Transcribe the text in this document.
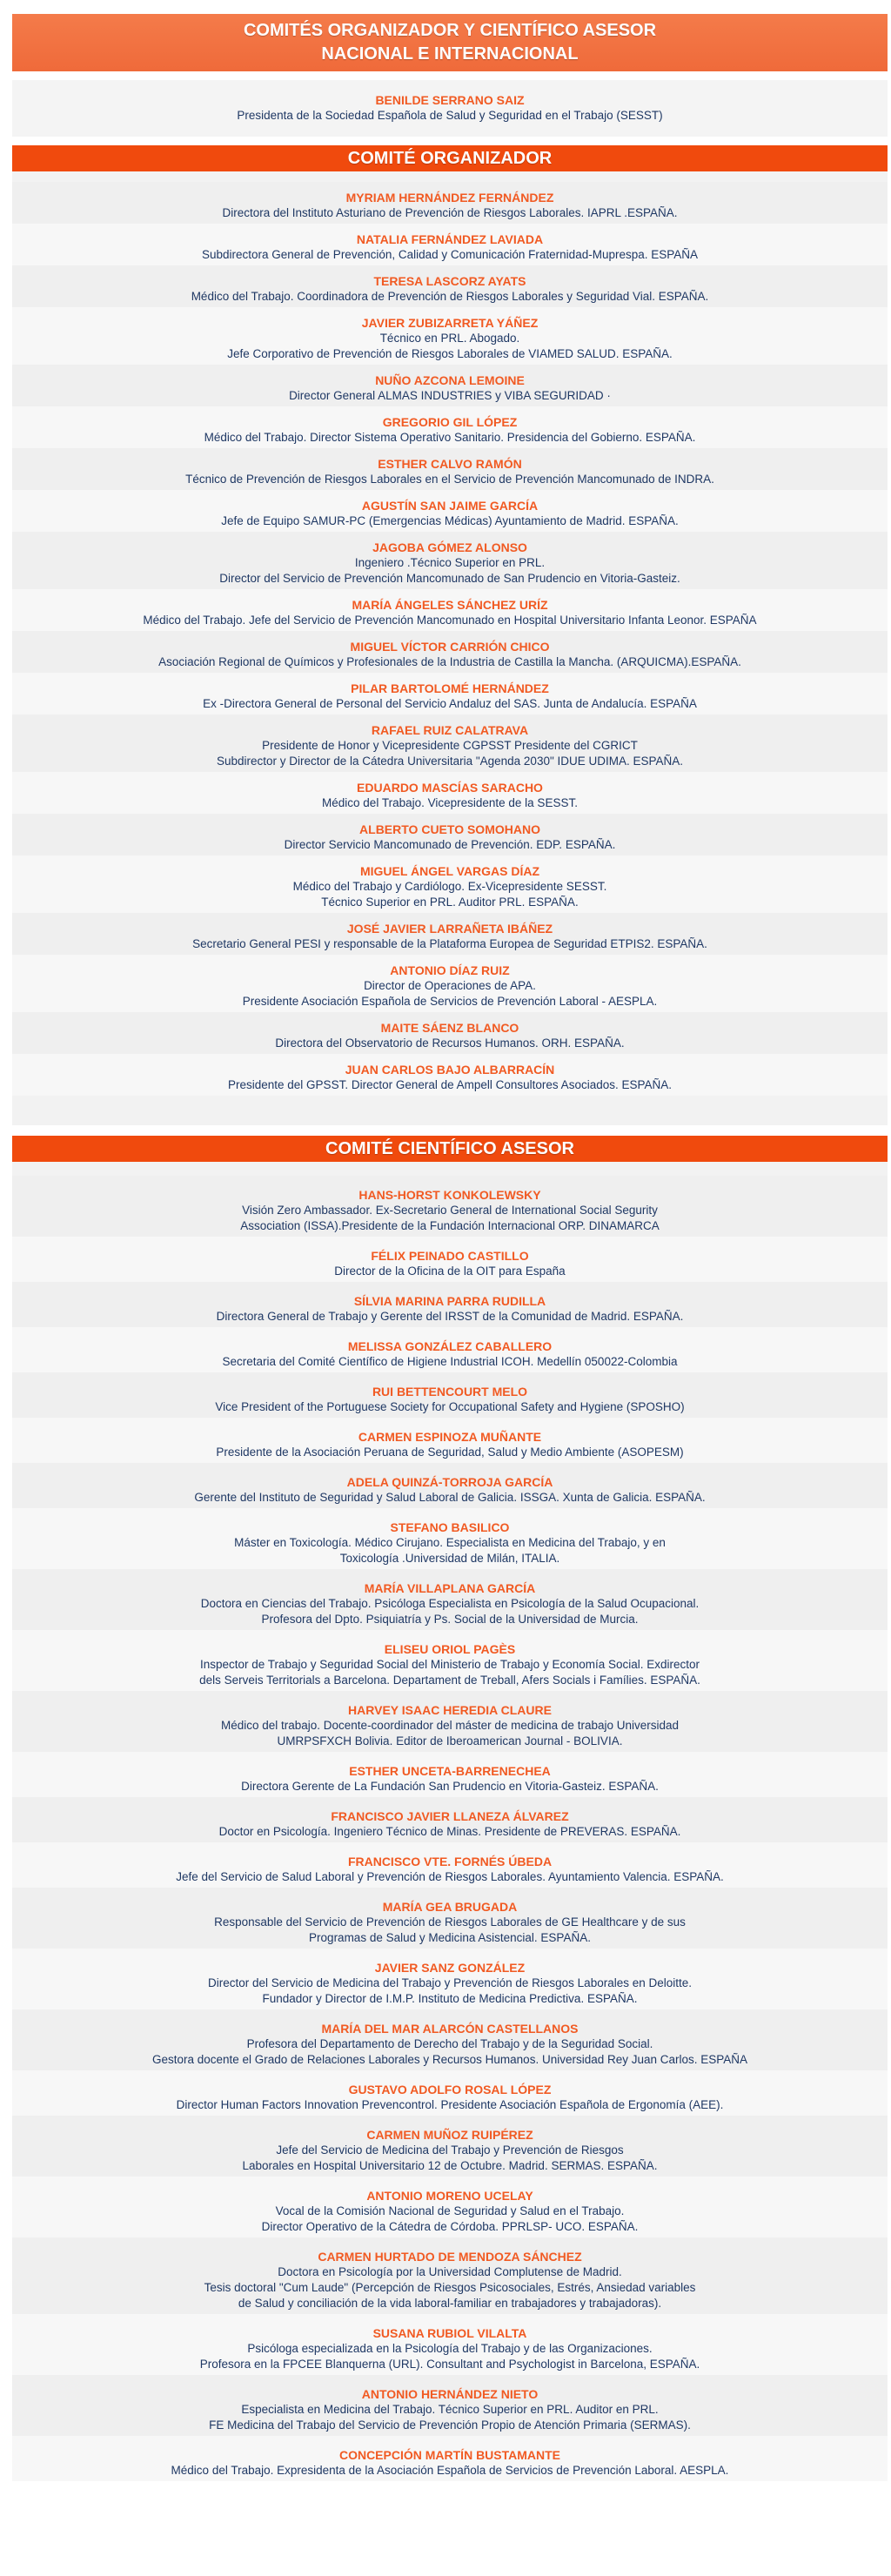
COMITÉS ORGANIZADOR Y CIENTÍFICO ASESOR
NACIONAL E INTERNACIONAL
BENILDE SERRANO SAIZ
Presidenta de la Sociedad Española de Salud y Seguridad en el Trabajo (SESST)
COMITÉ ORGANIZADOR
MYRIAM HERNÁNDEZ FERNÁNDEZ
Directora del Instituto Asturiano de Prevención de Riesgos Laborales. IAPRL .ESPAÑA.
NATALIA FERNÁNDEZ LAVIADA
Subdirectora General de Prevención, Calidad y Comunicación Fraternidad-Muprespa. ESPAÑA
TERESA LASCORZ AYATS
Médico del Trabajo. Coordinadora de Prevención de Riesgos Laborales y Seguridad Vial. ESPAÑA.
JAVIER ZUBIZARRETA YÁÑEZ
Técnico en PRL. Abogado.
Jefe Corporativo de Prevención de Riesgos Laborales de VIAMED SALUD. ESPAÑA.
NUÑO AZCONA LEMOINE
Director General ALMAS INDUSTRIES y VIBA SEGURIDAD ·
GREGORIO GIL LÓPEZ
Médico del Trabajo. Director Sistema Operativo Sanitario. Presidencia del Gobierno. ESPAÑA.
ESTHER CALVO RAMÓN
Técnico de Prevención de Riesgos Laborales en el Servicio de Prevención Mancomunado de INDRA.
AGUSTÍN SAN JAIME GARCÍA
Jefe de Equipo SAMUR-PC (Emergencias Médicas) Ayuntamiento de Madrid. ESPAÑA.
JAGOBA GÓMEZ ALONSO
Ingeniero .Técnico Superior en PRL.
Director del Servicio de Prevención Mancomunado de San Prudencio en Vitoria-Gasteiz.
MARÍA ÁNGELES SÁNCHEZ URÍZ
Médico del Trabajo. Jefe del Servicio de Prevención Mancomunado en Hospital Universitario Infanta Leonor. ESPAÑA
MIGUEL VÍCTOR CARRIÓN CHICO
Asociación Regional de Químicos y Profesionales de la Industria de Castilla la Mancha. (ARQUICMA).ESPAÑA.
PILAR BARTOLOMÉ HERNÁNDEZ
Ex -Directora General de Personal del Servicio Andaluz del SAS. Junta de Andalucía. ESPAÑA
RAFAEL RUIZ CALATRAVA
Presidente de Honor y Vicepresidente CGPSST Presidente del CGRICT
Subdirector y Director de la Cátedra Universitaria "Agenda 2030" IDUE UDIMA. ESPAÑA.
EDUARDO MASCÍAS SARACHO
Médico del Trabajo. Vicepresidente de la SESST.
ALBERTO CUETO SOMOHANO
Director Servicio Mancomunado de Prevención. EDP. ESPAÑA.
MIGUEL ÁNGEL VARGAS DÍAZ
Médico del Trabajo y Cardiólogo. Ex-Vicepresidente SESST.
Técnico Superior en PRL. Auditor PRL. ESPAÑA.
JOSÉ JAVIER LARRAÑETA IBÁÑEZ
Secretario General PESI y responsable de la Plataforma Europea de Seguridad ETPIS2. ESPAÑA.
ANTONIO DÍAZ RUIZ
Director de Operaciones de APA.
Presidente Asociación Española de Servicios de Prevención Laboral - AESPLA.
MAITE SÁENZ BLANCO
Directora del Observatorio de Recursos Humanos. ORH. ESPAÑA.
JUAN CARLOS BAJO ALBARRACÍN
Presidente del GPSST. Director General de Ampell Consultores Asociados. ESPAÑA.
COMITÉ CIENTÍFICO ASESOR
HANS-HORST KONKOLEWSKY
Visión Zero Ambassador. Ex-Secretario General de International Social Segurity
Association (ISSA).Presidente de la Fundación Internacional ORP. DINAMARCA
FÉLIX PEINADO CASTILLO
Director de la Oficina de la OIT para España
SÍLVIA MARINA PARRA RUDILLA
Directora General de Trabajo y Gerente del IRSST de la Comunidad de Madrid. ESPAÑA.
MELISSA GONZÁLEZ CABALLERO
Secretaria del Comité Científico de Higiene Industrial ICOH. Medellín 050022-Colombia
RUI BETTENCOURT MELO
Vice President of the Portuguese Society for Occupational Safety and Hygiene (SPOSHO)
CARMEN ESPINOZA MUÑANTE
Presidente de la Asociación Peruana de Seguridad, Salud y Medio Ambiente (ASOPESM)
ADELA QUINZÁ-TORROJA GARCÍA
Gerente del Instituto de Seguridad y Salud Laboral de Galicia. ISSGA. Xunta de Galicia. ESPAÑA.
STEFANO BASILICO
Máster en Toxicología. Médico Cirujano. Especialista en Medicina del Trabajo, y en
Toxicología .Universidad de Milán, ITALIA.
MARÍA VILLAPLANA GARCÍA
Doctora en Ciencias del Trabajo. Psicóloga Especialista en Psicología de la Salud Ocupacional.
Profesora del Dpto. Psiquiatría y Ps. Social de la Universidad de Murcia.
ELISEU ORIOL PAGÈS
Inspector de Trabajo y Seguridad Social del Ministerio de Trabajo y Economía Social. Exdirector
dels Serveis Territorials a Barcelona. Departament de Treball, Afers Socials i Famílies. ESPAÑA.
HARVEY ISAAC HEREDIA CLAURE
Médico del trabajo. Docente-coordinador del máster de medicina de trabajo Universidad
UMRPSFXCH Bolivia. Editor de Iberoamerican Journal - BOLIVIA.
ESTHER UNCETA-BARRENECHEA
Directora Gerente de La Fundación San Prudencio en Vitoria-Gasteiz. ESPAÑA.
FRANCISCO JAVIER LLANEZA ÁLVAREZ
Doctor en Psicología. Ingeniero Técnico de Minas. Presidente de PREVERAS. ESPAÑA.
FRANCISCO VTE. FORNÉS ÚBEDA
Jefe del Servicio de Salud Laboral y Prevención de Riesgos Laborales. Ayuntamiento Valencia. ESPAÑA.
MARÍA GEA BRUGADA
Responsable del Servicio de Prevención de Riesgos Laborales de GE Healthcare y de sus
Programas de Salud y Medicina Asistencial. ESPAÑA.
JAVIER SANZ GONZÁLEZ
Director del Servicio de Medicina del Trabajo y Prevención de Riesgos Laborales en Deloitte.
Fundador y Director de I.M.P. Instituto de Medicina Predictiva. ESPAÑA.
MARÍA DEL MAR ALARCÓN CASTELLANOS
Profesora del Departamento de Derecho del Trabajo y de la Seguridad Social.
Gestora docente el Grado de Relaciones Laborales y Recursos Humanos. Universidad Rey Juan Carlos. ESPAÑA
GUSTAVO ADOLFO ROSAL LÓPEZ
Director Human Factors Innovation Prevencontrol. Presidente Asociación Española de Ergonomía (AEE).
CARMEN MUÑOZ RUIPÉREZ
Jefe del Servicio de Medicina del Trabajo y Prevención de Riesgos
Laborales en Hospital Universitario 12 de Octubre. Madrid. SERMAS. ESPAÑA.
ANTONIO MORENO UCELAY
Vocal de la Comisión Nacional de Seguridad y Salud en el Trabajo.
Director Operativo de la Cátedra de Córdoba. PPRLSP- UCO. ESPAÑA.
CARMEN HURTADO DE MENDOZA SÁNCHEZ
Doctora en Psicología por la Universidad Complutense de Madrid.
Tesis doctoral "Cum Laude" (Percepción de Riesgos Psicosociales, Estrés, Ansiedad variables
de Salud y conciliación de la vida laboral-familiar en trabajadores y trabajadoras).
SUSANA RUBIOL VILALTA
Psicóloga especializada en la Psicología del Trabajo y de las Organizaciones.
Profesora en la FPCEE Blanquerna (URL). Consultant and Psychologist in Barcelona, ESPAÑA.
ANTONIO HERNÁNDEZ NIETO
Especialista en Medicina del Trabajo. Técnico Superior en PRL. Auditor en PRL.
FE Medicina del Trabajo del Servicio de Prevención Propio de Atención Primaria (SERMAS).
CONCEPCIÓN MARTÍN BUSTAMANTE
Médico del Trabajo. Expresidenta de la Asociación Española de Servicios de Prevención Laboral. AESPLA.
